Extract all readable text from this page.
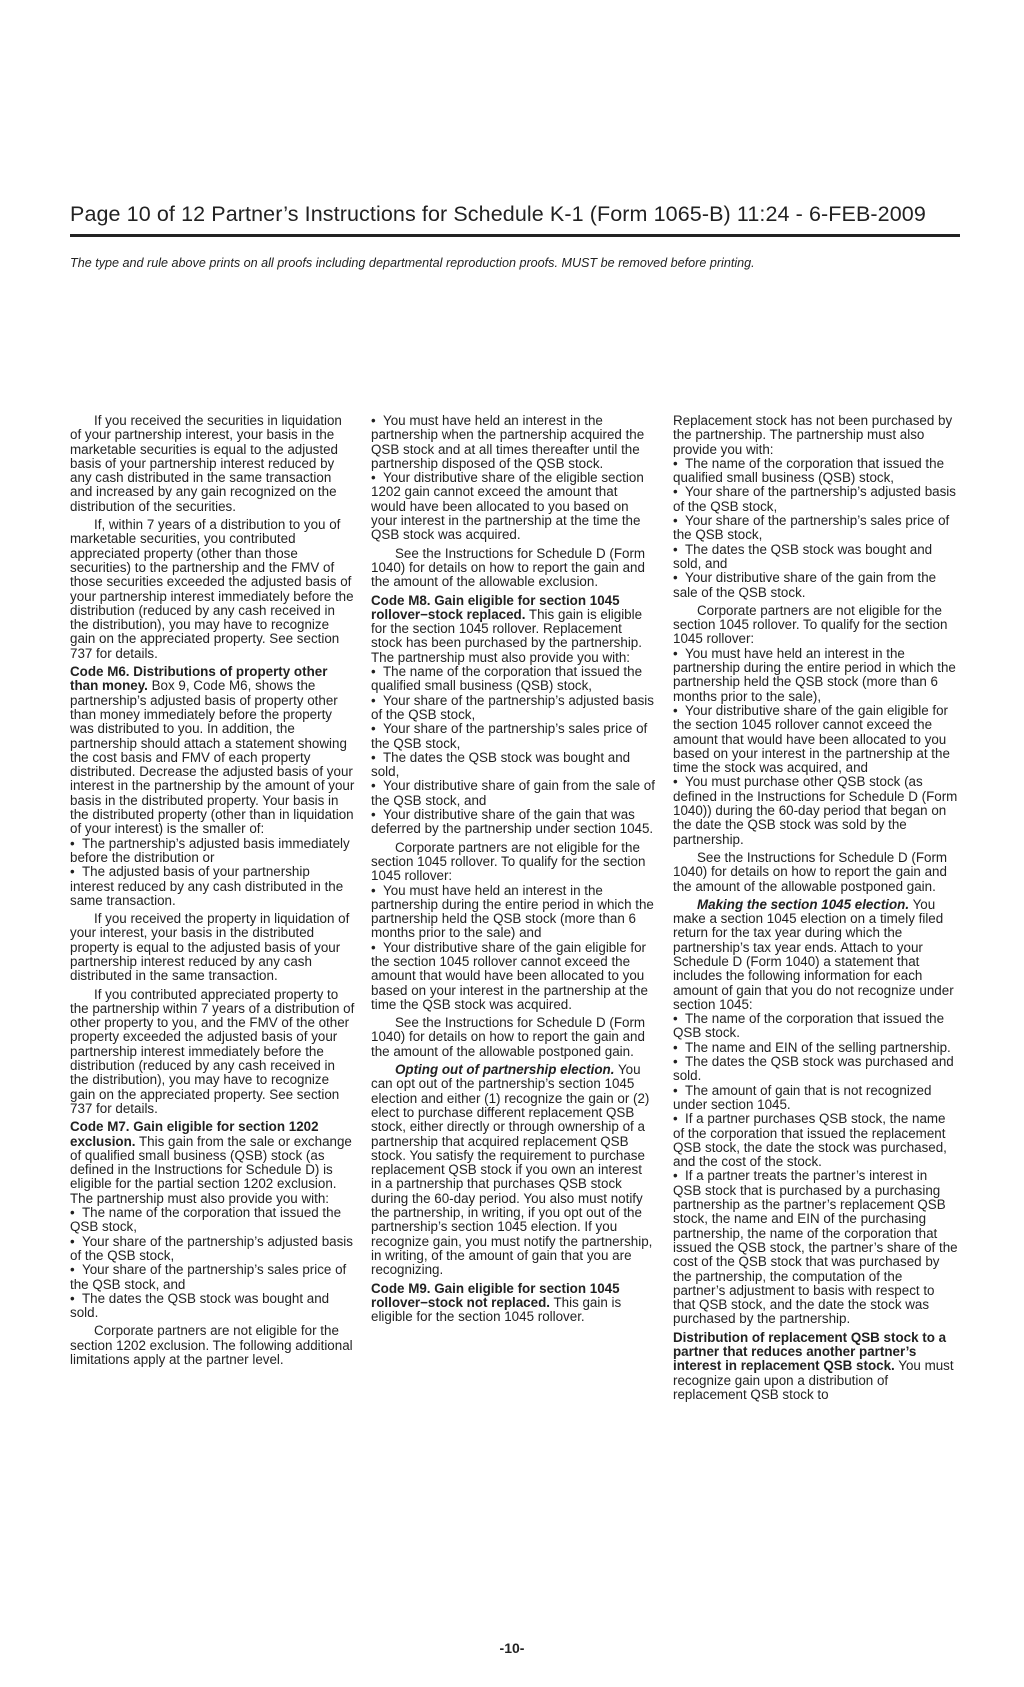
Page 10 of 12 Partner’s Instructions for Schedule K-1 (Form 1065-B) 11:24 - 6-FEB-2009
The type and rule above prints on all proofs including departmental reproduction proofs. MUST be removed before printing.

If you received the securities in liquidation of your partnership interest, your basis in the marketable securities is equal to the adjusted basis of your partnership interest reduced by any cash distributed in the same transaction and increased by any gain recognized on the distribution of the securities.

If, within 7 years of a distribution to you of marketable securities, you contributed appreciated property (other than those securities) to the partnership and the FMV of those securities exceeded the adjusted basis of your partnership interest immediately before the distribution (reduced by any cash received in the distribution), you may have to recognize gain on the appreciated property. See section 737 for details.

Code M6. Distributions of property other than money. Box 9, Code M6, shows the partnership’s adjusted basis of property other than money immediately before the property was distributed to you. In addition, the partnership should attach a statement showing the cost basis and FMV of each property distributed. Decrease the adjusted basis of your interest in the partnership by the amount of your basis in the distributed property. Your basis in the distributed property (other than in liquidation of your interest) is the smaller of:

• The partnership’s adjusted basis immediately before the distribution or

• The adjusted basis of your partnership interest reduced by any cash distributed in the same transaction.

If you received the property in liquidation of your interest, your basis in the distributed property is equal to the adjusted basis of your partnership interest reduced by any cash distributed in the same transaction.

If you contributed appreciated property to the partnership within 7 years of a distribution of other property to you, and the FMV of the other property exceeded the adjusted basis of your partnership interest immediately before the distribution (reduced by any cash received in the distribution), you may have to recognize gain on the appreciated property. See section 737 for details.

Code M7. Gain eligible for section 1202 exclusion. This gain from the sale or exchange of qualified small business (QSB) stock (as defined in the Instructions for Schedule D) is eligible for the partial section 1202 exclusion. The partnership must also provide you with:

• The name of the corporation that issued the QSB stock,

• Your share of the partnership’s adjusted basis of the QSB stock,

• Your share of the partnership’s sales price of the QSB stock, and

• The dates the QSB stock was bought and sold.

Corporate partners are not eligible for the section 1202 exclusion. The following additional limitations apply at the partner level.

• You must have held an interest in the partnership when the partnership acquired the QSB stock and at all times thereafter until the partnership disposed of the QSB stock.

• Your distributive share of the eligible section 1202 gain cannot exceed the amount that would have been allocated to you based on your interest in the partnership at the time the QSB stock was acquired.

See the Instructions for Schedule D (Form 1040) for details on how to report the gain and the amount of the allowable exclusion.

Code M8. Gain eligible for section 1045 rollover−stock replaced. This gain is eligible for the section 1045 rollover. Replacement stock has been purchased by the partnership. The partnership must also provide you with:

• The name of the corporation that issued the qualified small business (QSB) stock,

• Your share of the partnership’s adjusted basis of the QSB stock,

• Your share of the partnership’s sales price of the QSB stock,

• The dates the QSB stock was bought and sold,

• Your distributive share of gain from the sale of the QSB stock, and

• Your distributive share of the gain that was deferred by the partnership under section 1045.

Corporate partners are not eligible for the section 1045 rollover. To qualify for the section 1045 rollover:

• You must have held an interest in the partnership during the entire period in which the partnership held the QSB stock (more than 6 months prior to the sale) and

• Your distributive share of the gain eligible for the section 1045 rollover cannot exceed the amount that would have been allocated to you based on your interest in the partnership at the time the QSB stock was acquired.

See the Instructions for Schedule D (Form 1040) for details on how to report the gain and the amount of the allowable postponed gain.

Opting out of partnership election. You can opt out of the partnership’s section 1045 election and either (1) recognize the gain or (2) elect to purchase different replacement QSB stock, either directly or through ownership of a partnership that acquired replacement QSB stock. You satisfy the requirement to purchase replacement QSB stock if you own an interest in a partnership that purchases QSB stock during the 60-day period. You also must notify the partnership, in writing, if you opt out of the partnership’s section 1045 election. If you recognize gain, you must notify the partnership, in writing, of the amount of gain that you are recognizing.

Code M9. Gain eligible for section 1045 rollover−stock not replaced. This gain is eligible for the section 1045 rollover.

Replacement stock has not been purchased by the partnership. The partnership must also provide you with:

• The name of the corporation that issued the qualified small business (QSB) stock,

• Your share of the partnership’s adjusted basis of the QSB stock,

• Your share of the partnership’s sales price of the QSB stock,

• The dates the QSB stock was bought and sold, and

• Your distributive share of the gain from the sale of the QSB stock.

Corporate partners are not eligible for the section 1045 rollover. To qualify for the section 1045 rollover:

• You must have held an interest in the partnership during the entire period in which the partnership held the QSB stock (more than 6 months prior to the sale),

• Your distributive share of the gain eligible for the section 1045 rollover cannot exceed the amount that would have been allocated to you based on your interest in the partnership at the time the stock was acquired, and

• You must purchase other QSB stock (as defined in the Instructions for Schedule D (Form 1040)) during the 60-day period that began on the date the QSB stock was sold by the partnership.

See the Instructions for Schedule D (Form 1040) for details on how to report the gain and the amount of the allowable postponed gain.

Making the section 1045 election. You make a section 1045 election on a timely filed return for the tax year during which the partnership’s tax year ends. Attach to your Schedule D (Form 1040) a statement that includes the following information for each amount of gain that you do not recognize under section 1045:

• The name of the corporation that issued the QSB stock.

• The name and EIN of the selling partnership.

• The dates the QSB stock was purchased and sold.

• The amount of gain that is not recognized under section 1045.

• If a partner purchases QSB stock, the name of the corporation that issued the replacement QSB stock, the date the stock was purchased, and the cost of the stock.

• If a partner treats the partner’s interest in QSB stock that is purchased by a purchasing partnership as the partner’s replacement QSB stock, the name and EIN of the purchasing partnership, the name of the corporation that issued the QSB stock, the partner’s share of the cost of the QSB stock that was purchased by the partnership, the computation of the partner’s adjustment to basis with respect to that QSB stock, and the date the stock was purchased by the partnership.

Distribution of replacement QSB stock to a partner that reduces another partner’s interest in replacement QSB stock. You must recognize gain upon a distribution of replacement QSB stock to

-10-
